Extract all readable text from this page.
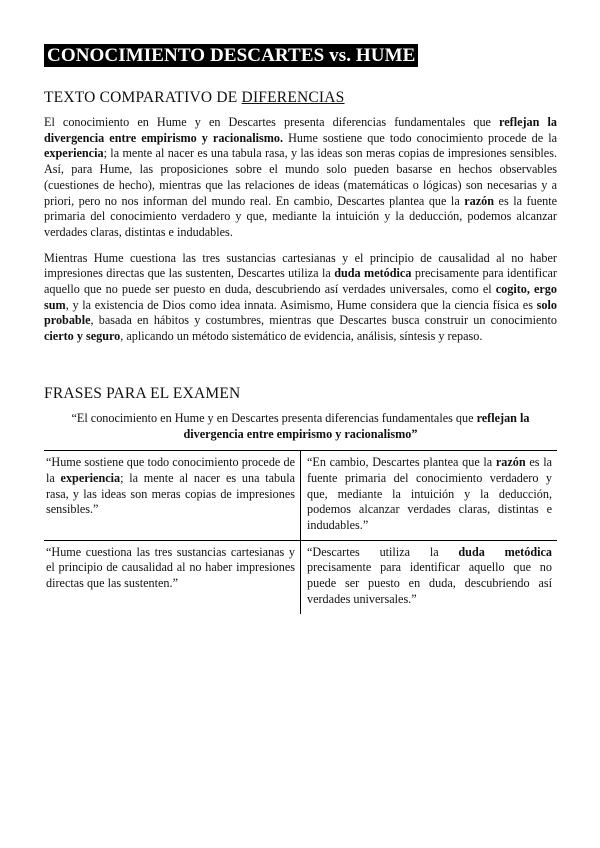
CONOCIMIENTO DESCARTES vs. HUME
TEXTO COMPARATIVO DE DIFERENCIAS

El conocimiento en Hume y en Descartes presenta diferencias fundamentales que reflejan la divergencia entre empirismo y racionalismo. Hume sostiene que todo conocimiento procede de la experiencia; la mente al nacer es una tabula rasa, y las ideas son meras copias de impresiones sensibles. Así, para Hume, las proposiciones sobre el mundo solo pueden basarse en hechos observables (cuestiones de hecho), mientras que las relaciones de ideas (matemáticas o lógicas) son necesarias y a priori, pero no nos informan del mundo real. En cambio, Descartes plantea que la razón es la fuente primaria del conocimiento verdadero y que, mediante la intuición y la deducción, podemos alcanzar verdades claras, distintas e indudables.

Mientras Hume cuestiona las tres sustancias cartesianas y el principio de causalidad al no haber impresiones directas que las sustenten, Descartes utiliza la duda metódica precisamente para identificar aquello que no puede ser puesto en duda, descubriendo así verdades universales, como el cogito, ergo sum, y la existencia de Dios como idea innata. Asimismo, Hume considera que la ciencia física es solo probable, basada en hábitos y costumbres, mientras que Descartes busca construir un conocimiento cierto y seguro, aplicando un método sistemático de evidencia, análisis, síntesis y repaso.

FRASES PARA EL EXAMEN
“El conocimiento en Hume y en Descartes presenta diferencias fundamentales que reflejan la divergencia entre empirismo y racionalismo”
“Hume sostiene que todo conocimiento procede de la experiencia; la mente al nacer es una tabula rasa, y las ideas son meras copias de impresiones sensibles.”	“En cambio, Descartes plantea que la razón es la fuente primaria del conocimiento verdadero y que, mediante la intuición y la deducción, podemos alcanzar verdades claras, distintas e indudables.”
“Hume cuestiona las tres sustancias cartesianas y el principio de causalidad al no haber impresiones directas que las sustenten.”	“Descartes utiliza la duda metódica precisamente para identificar aquello que no puede ser puesto en duda, descubriendo así verdades universales.”
